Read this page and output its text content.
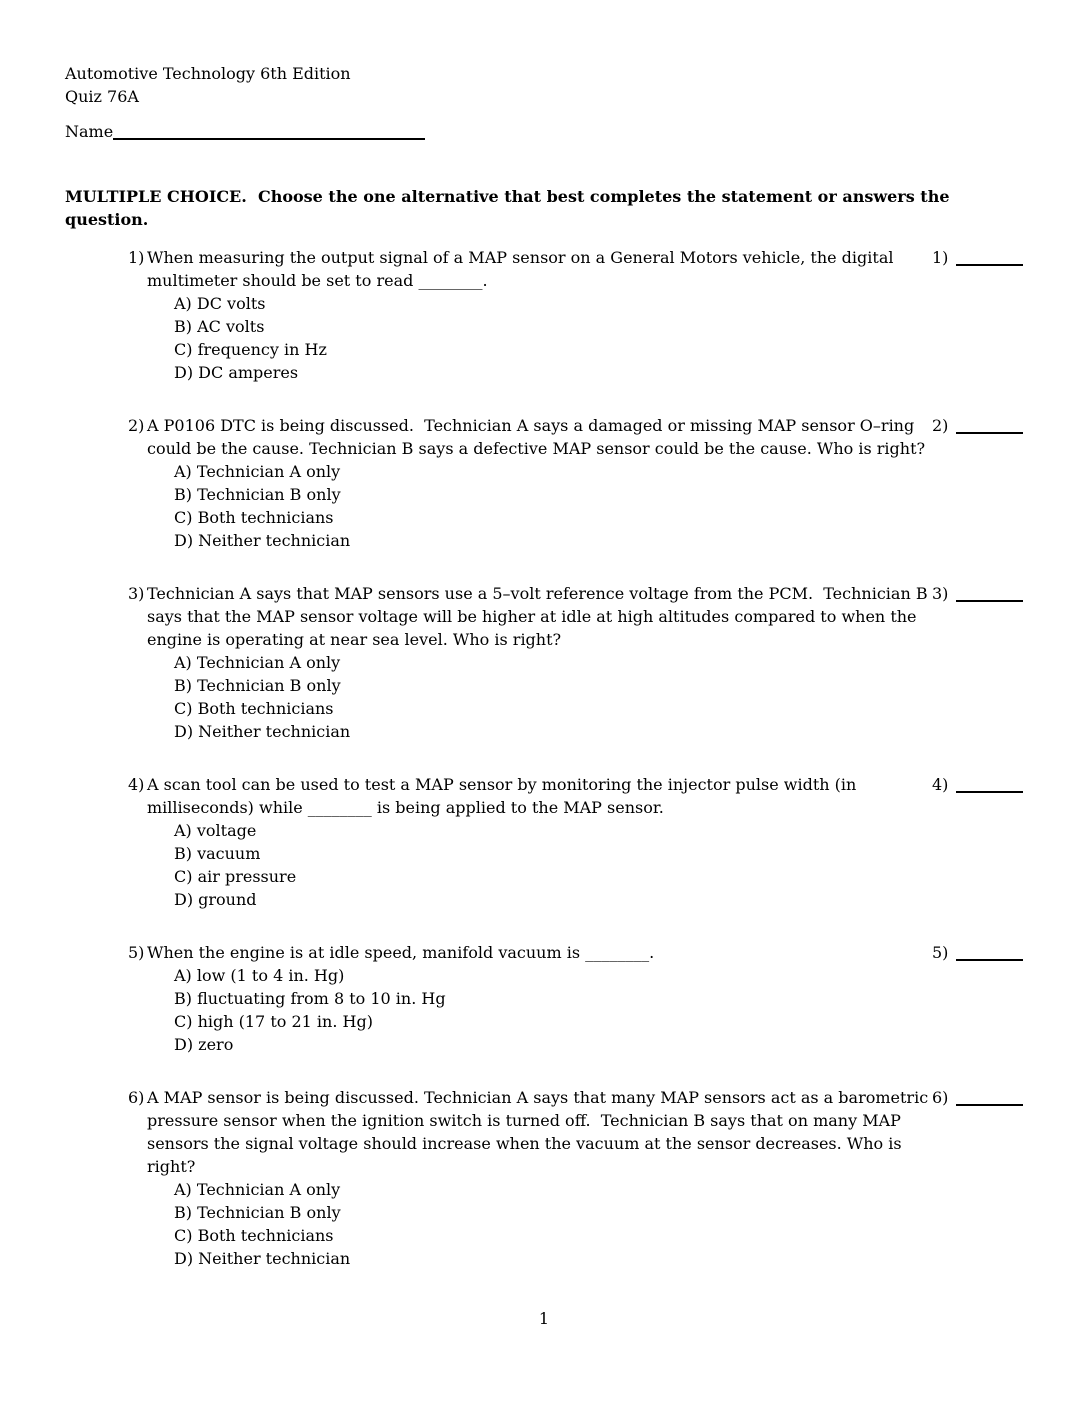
Automotive Technology 6th Edition
Quiz 76A
Name
MULTIPLE CHOICE.  Choose the one alternative that best completes the statement or answers the question.
1) When measuring the output signal of a MAP sensor on a General Motors vehicle, the digital
multimeter should be set to read ________.
A) DC volts
B) AC volts
C) frequency in Hz
D) DC amperes
1)
2) A P0106 DTC is being discussed.  Technician A says a damaged or missing MAP sensor O–ring
could be the cause. Technician B says a defective MAP sensor could be the cause. Who is right?
A) Technician A only
B) Technician B only
C) Both technicians
D) Neither technician
2)
3) Technician A says that MAP sensors use a 5–volt reference voltage from the PCM.  Technician B
says that the MAP sensor voltage will be higher at idle at high altitudes compared to when the
engine is operating at near sea level. Who is right?
A) Technician A only
B) Technician B only
C) Both technicians
D) Neither technician
3)
4) A scan tool can be used to test a MAP sensor by monitoring the injector pulse width (in
milliseconds) while ________ is being applied to the MAP sensor.
A) voltage
B) vacuum
C) air pressure
D) ground
4)
5) When the engine is at idle speed, manifold vacuum is ________.
A) low (1 to 4 in. Hg)
B) fluctuating from 8 to 10 in. Hg
C) high (17 to 21 in. Hg)
D) zero
5)
6) A MAP sensor is being discussed. Technician A says that many MAP sensors act as a barometric
pressure sensor when the ignition switch is turned off.  Technician B says that on many MAP
sensors the signal voltage should increase when the vacuum at the sensor decreases. Who is
right?
A) Technician A only
B) Technician B only
C) Both technicians
D) Neither technician
6)
1
